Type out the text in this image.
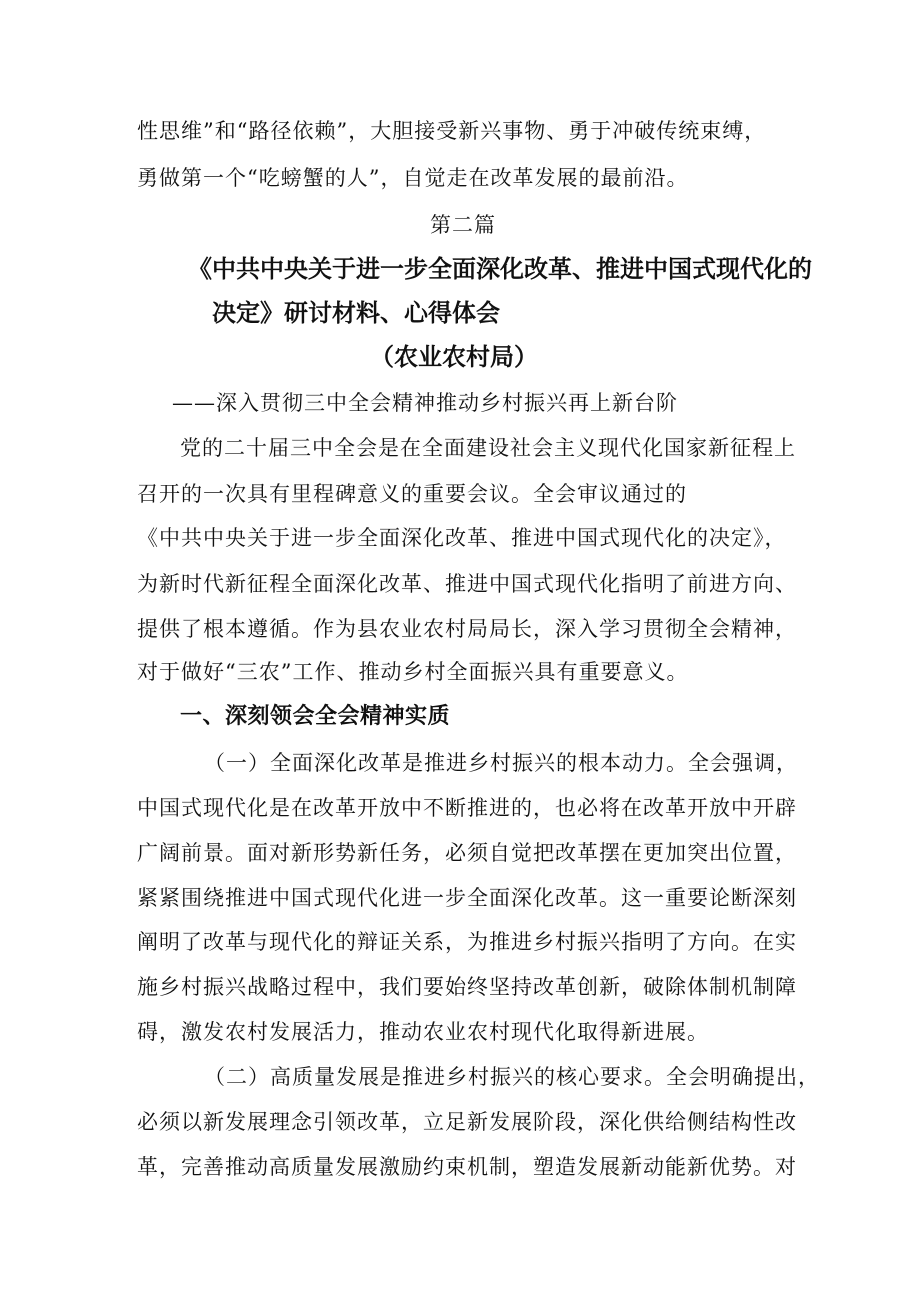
性思维”和“路径依赖”，大胆接受新兴事物、勇于冲破传统束缚，
勇做第一个“吃螃蟹的人”，自觉走在改革发展的最前沿。
第二篇
《中共中央关于进一步全面深化改革、推进中国式现代化的
决定》研讨材料、心得体会
（农业农村局）
——深入贯彻三中全会精神推动乡村振兴再上新台阶
党的二十届三中全会是在全面建设社会主义现代化国家新征程上
召开的一次具有里程碑意义的重要会议。全会审议通过的
《中共中央关于进一步全面深化改革、推进中国式现代化的决定》，
为新时代新征程全面深化改革、推进中国式现代化指明了前进方向、
提供了根本遵循。作为县农业农村局局长，深入学习贯彻全会精神，
对于做好“三农”工作、推动乡村全面振兴具有重要意义。
一、深刻领会全会精神实质
（一）全面深化改革是推进乡村振兴的根本动力。全会强调，
中国式现代化是在改革开放中不断推进的，也必将在改革开放中开辟
广阔前景。面对新形势新任务，必须自觉把改革摆在更加突出位置，
紧紧围绕推进中国式现代化进一步全面深化改革。这一重要论断深刻
阐明了改革与现代化的辩证关系，为推进乡村振兴指明了方向。在实
施乡村振兴战略过程中，我们要始终坚持改革创新，破除体制机制障
碍，激发农村发展活力，推动农业农村现代化取得新进展。
（二）高质量发展是推进乡村振兴的核心要求。全会明确提出，
必须以新发展理念引领改革，立足新发展阶段，深化供给侧结构性改
革，完善推动高质量发展激励约束机制，塑造发展新动能新优势。对
